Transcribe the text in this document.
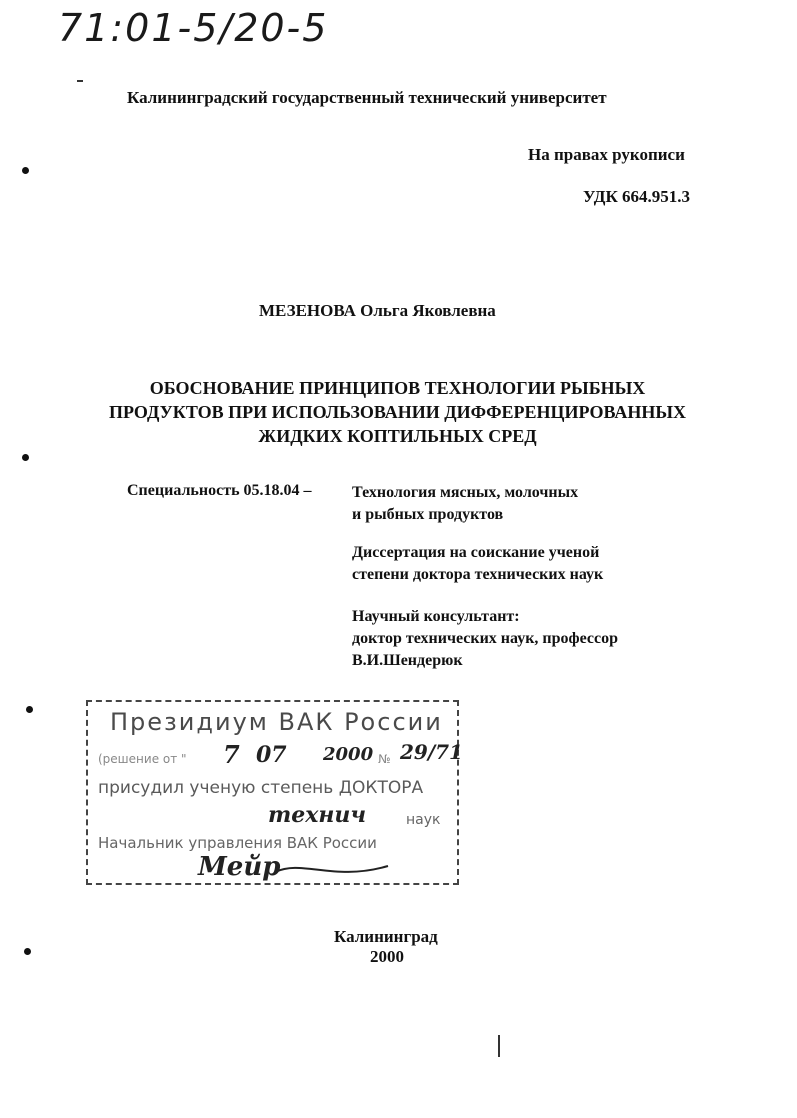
71:01-5/20-5
Калининградский государственный технический университет
На правах рукописи
УДК 664.951.3
МЕЗЕНОВА Ольга Яковлевна
ОБОСНОВАНИЕ ПРИНЦИПОВ ТЕХНОЛОГИИ РЫБНЫХ
ПРОДУКТОВ ПРИ ИСПОЛЬЗОВАНИИ ДИФФЕРЕНЦИРОВАННЫХ
ЖИДКИХ КОПТИЛЬНЫХ СРЕД
Специальность 05.18.04 –	Технология мясных, молочных
и рыбных продуктов
Диссертация на соискание ученой
степени доктора технических наук
Научный консультант:
доктор технических наук, профессор
В.И.Шендерюк
Президиум ВАК России
(решение от " 7 07 2000 № 29/71
присудил ученую степень ДОКТОРА
технич	наук
Начальник управления ВАК России
Мейр
Калининград
2000
